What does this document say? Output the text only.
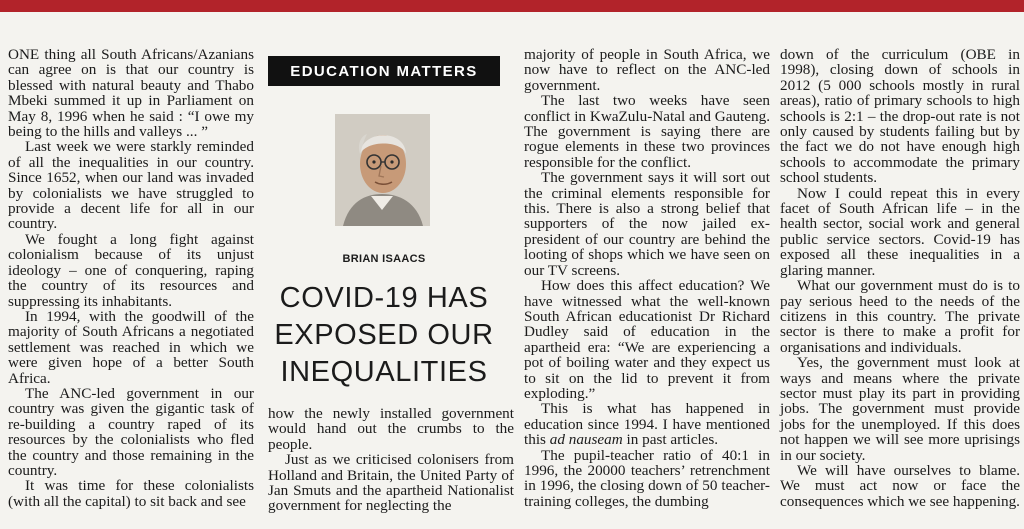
ONE thing all South Africans/Azanians can agree on is that our country is blessed with natural beauty and Thabo Mbeki summed it up in Parliament on May 8, 1996 when he said : “I owe my being to the hills and valleys ... ”

Last week we were starkly reminded of all the inequalities in our country. Since 1652, when our land was invaded by colonialists we have struggled to provide a decent life for all in our country.

We fought a long fight against colonialism because of its unjust ideology – one of conquering, raping the country of its resources and suppressing its inhabitants.

In 1994, with the goodwill of the majority of South Africans a negotiated settlement was reached in which we were given hope of a better South Africa.

The ANC-led government in our country was given the gigantic task of re-building a country raped of its resources by the colonialists who fled the country and those remaining in the country.

It was time for these colonialists (with all the capital) to sit back and see

EDUCATION MATTERS
BRIAN ISAACS
COVID-19 HAS
EXPOSED OUR
INEQUALITIES

how the newly installed government would hand out the crumbs to the people.

Just as we criticised colonisers from Holland and Britain, the United Party of Jan Smuts and the apartheid Nationalist government for neglecting the

majority of people in South Africa, we now have to reflect on the ANC-led government.

The last two weeks have seen conflict in KwaZulu-Natal and Gauteng. The government is saying there are rogue elements in these two provinces responsible for the conflict.

The government says it will sort out the criminal elements responsible for this. There is also a strong belief that supporters of the now jailed ex-president of our country are behind the looting of shops which we have seen on our TV screens.

How does this affect education? We have witnessed what the well-known South African educationist Dr Richard Dudley said of education in the apartheid era: “We are experiencing a pot of boiling water and they expect us to sit on the lid to prevent it from exploding.”

This is what has happened in education since 1994. I have mentioned this ad nauseam in past articles.

The pupil-teacher ratio of 40:1 in 1996, the 20000 teachers’ retrenchment in 1996, the closing down of 50 teacher-training colleges, the dumbing

down of the curriculum (OBE in 1998), closing down of schools in 2012 (5 000 schools mostly in rural areas), ratio of primary schools to high schools is 2:1 – the drop-out rate is not only caused by students failing but by the fact we do not have enough high schools to accommodate the primary school students.

Now I could repeat this in every facet of South African life – in the health sector, social work and general public service sectors. Covid-19 has exposed all these inequalities in a glaring manner.

What our government must do is to pay serious heed to the needs of the citizens in this country. The private sector is there to make a profit for organisations and individuals.

Yes, the government must look at ways and means where the private sector must play its part in providing jobs. The government must provide jobs for the unemployed. If this does not happen we will see more uprisings in our society.

We will have ourselves to blame. We must act now or face the consequences which we see happening.
